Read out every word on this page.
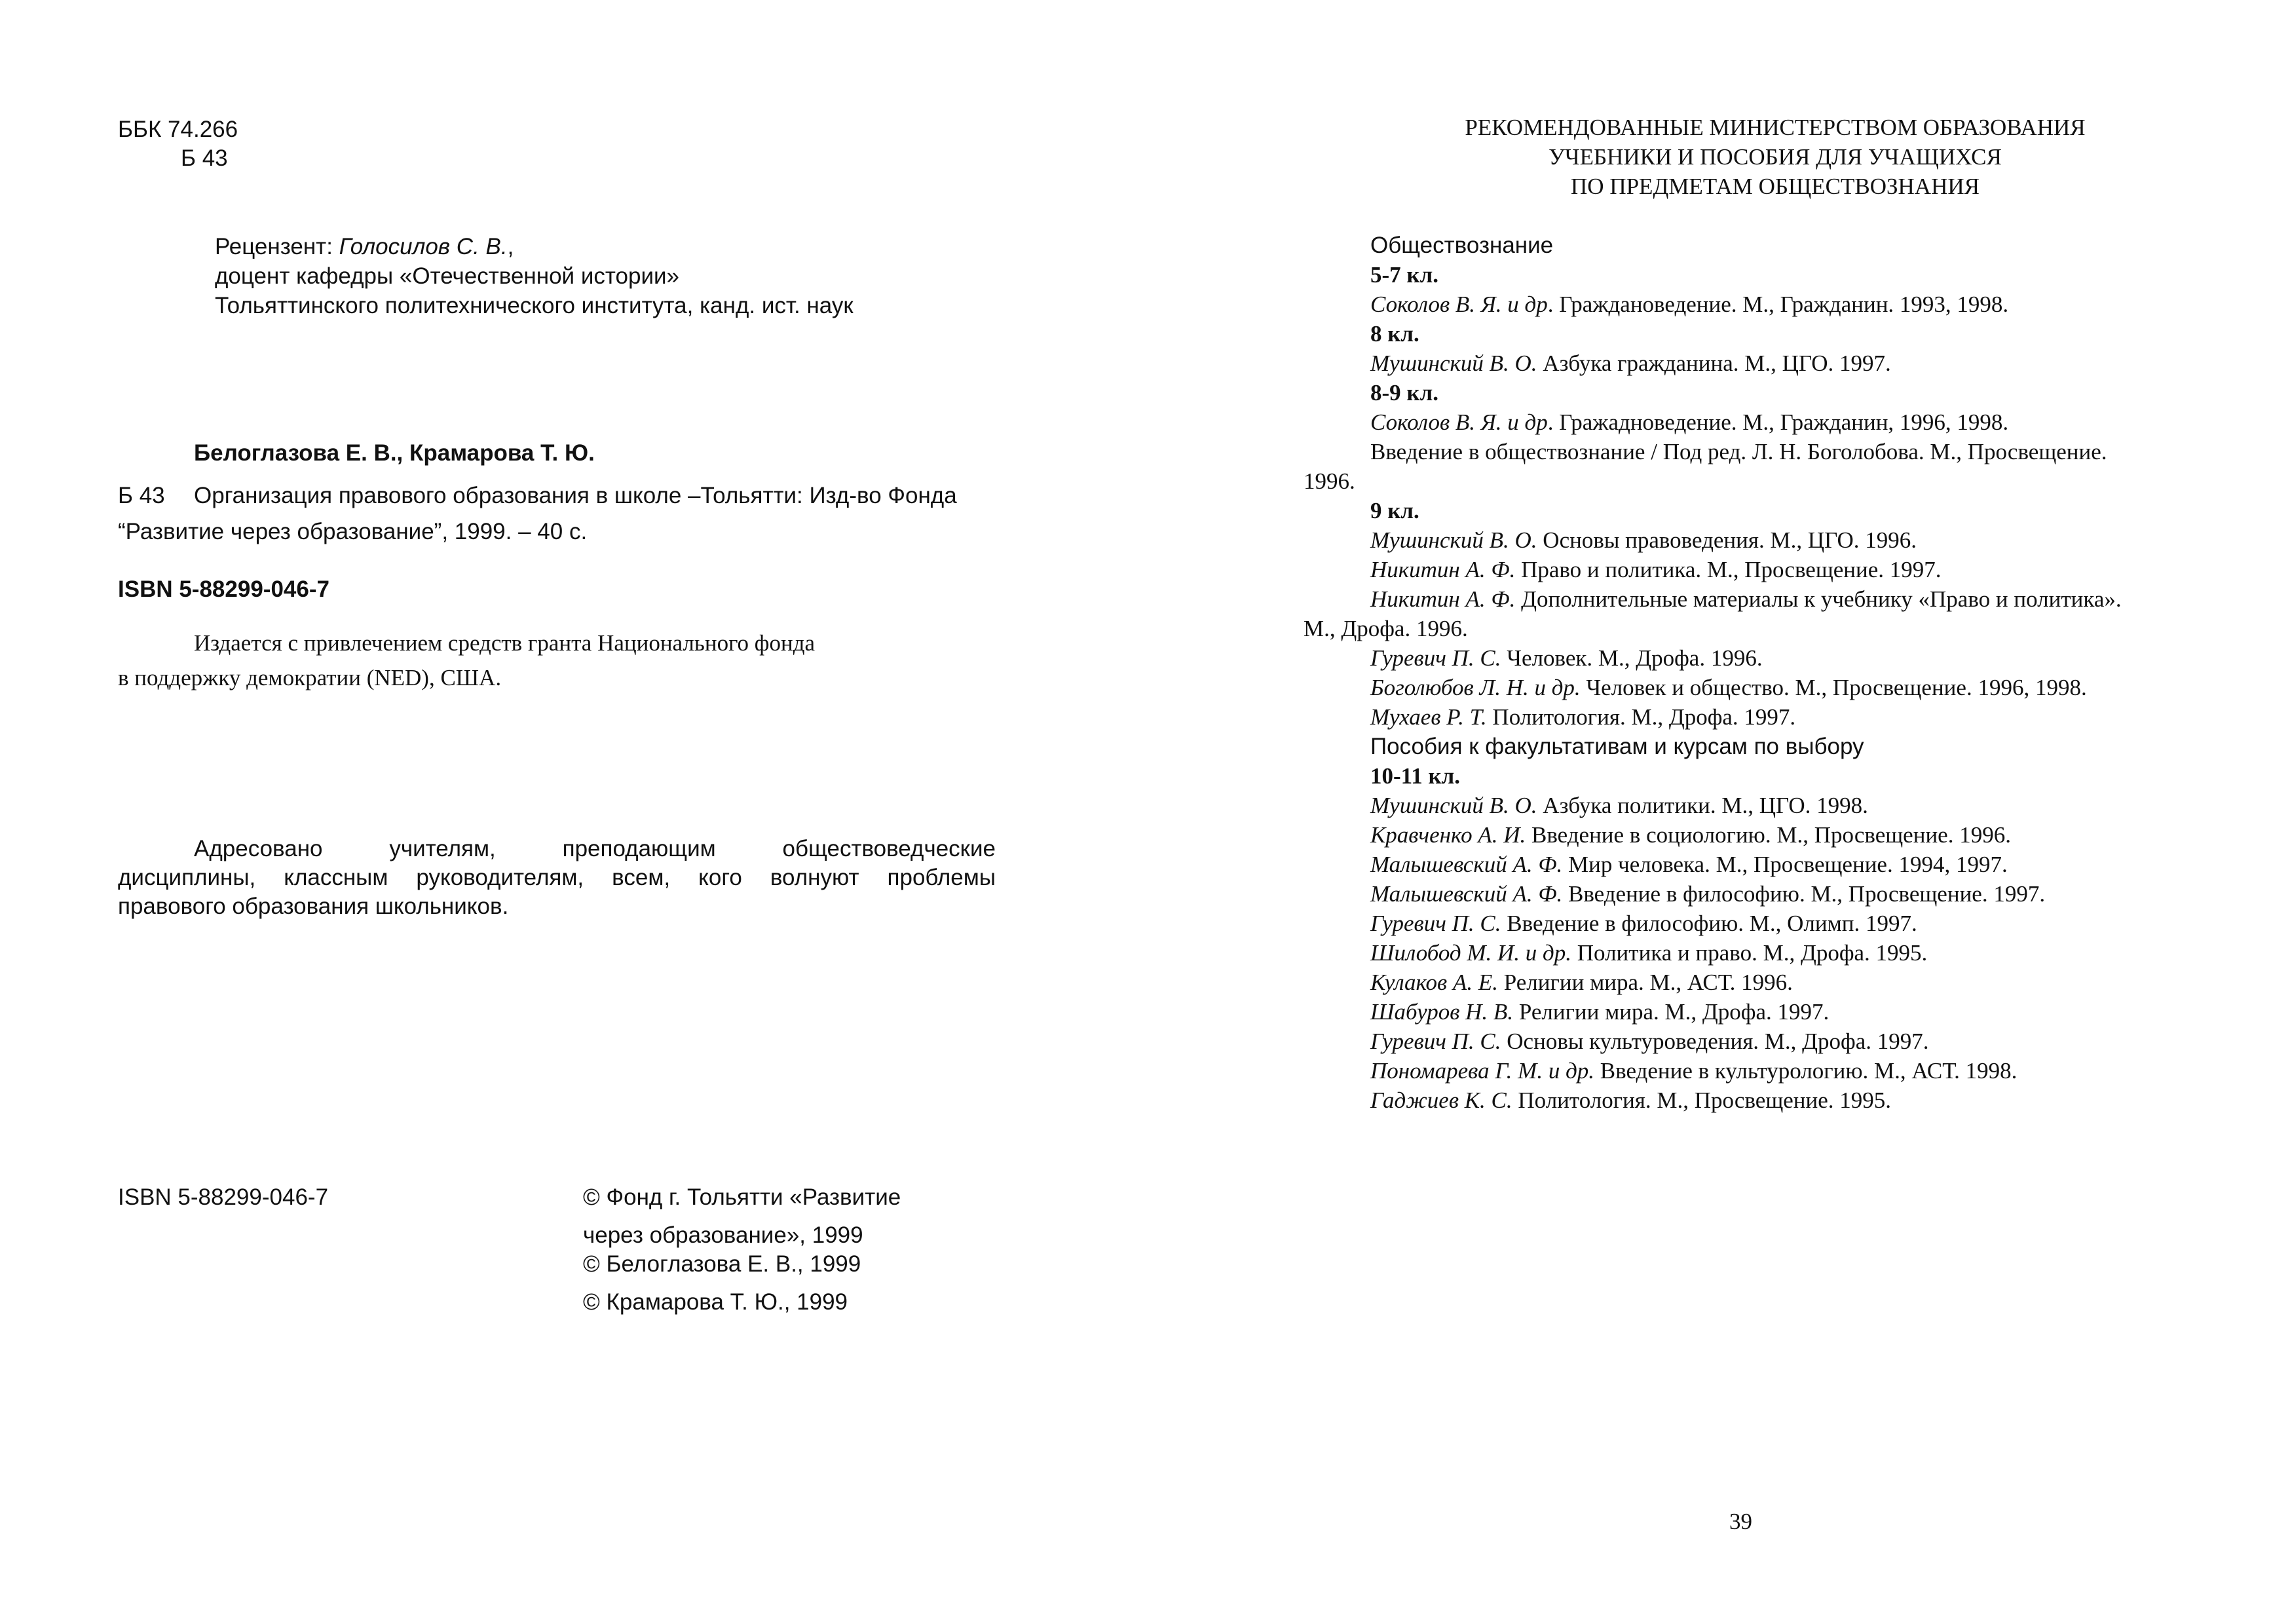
ББК 74.266
Б 43
Рецензент: Голосилов С. В.,
доцент кафедры «Отечественной истории»
Тольяттинского политехнического института, канд. ист. наук
Белоглазова Е. В., Крамарова Т. Ю.
Б 43 Организация правового образования в школе –Тольятти: Изд-во Фонда
“Развитие через образование”, 1999. – 40 с.
ISBN 5-88299-046-7
Издается с привлечением средств гранта Национального фонда
в поддержку демократии (NED), США.
Адресовано учителям, преподающим обществоведческие
дисциплины, классным руководителям, всем, кого волнуют проблемы
правового образования школьников.
ISBN 5-88299-046-7	© Фонд г. Тольятти «Развитие
через образование», 1999
© Белоглазова Е. В., 1999
© Крамарова Т. Ю., 1999
РЕКОМЕНДОВАННЫЕ МИНИСТЕРСТВОМ ОБРАЗОВАНИЯ
УЧЕБНИКИ И ПОСОБИЯ ДЛЯ УЧАЩИХСЯ
ПО ПРЕДМЕТАМ ОБЩЕСТВОЗНАНИЯ
Обществознание
5-7 кл.
Соколов В. Я. и др. Граждановедение. М., Гражданин. 1993, 1998.
8 кл.
Мушинский В. О. Азбука гражданина. М., ЦГО. 1997.
8-9 кл.
Соколов В. Я. и др. Гражадноведение. М., Гражданин, 1996, 1998.
Введение в обществознание / Под ред. Л. Н. Боголобова. М., Просвещение.
1996.
9 кл.
Мушинский В. О. Основы правоведения. М., ЦГО. 1996.
Никитин А. Ф. Право и политика. М., Просвещение. 1997.
Никитин А. Ф. Дополнительные материалы к учебнику «Право и политика».
М., Дрофа. 1996.
Гуревич П. С. Человек. М., Дрофа. 1996.
Боголюбов Л. Н. и др. Человек и общество. М., Просвещение. 1996, 1998.
Мухаев Р. Т. Политология. М., Дрофа. 1997.
Пособия к факультативам и курсам по выбору
10-11 кл.
Мушинский В. О. Азбука политики. М., ЦГО. 1998.
Кравченко А. И. Введение в социологию. М., Просвещение. 1996.
Малышевский А. Ф. Мир человека. М., Просвещение. 1994, 1997.
Малышевский А. Ф. Введение в философию. М., Просвещение. 1997.
Гуревич П. С. Введение в философию. М., Олимп. 1997.
Шилобод М. И. и др. Политика и право. М., Дрофа. 1995.
Кулаков А. Е. Религии мира. М., АСТ. 1996.
Шабуров Н. В. Религии мира. М., Дрофа. 1997.
Гуревич П. С. Основы культуроведения. М., Дрофа. 1997.
Пономарева Г. М. и др. Введение в культурологию. М., АСТ. 1998.
Гаджиев К. С. Политология. М., Просвещение. 1995.
39
